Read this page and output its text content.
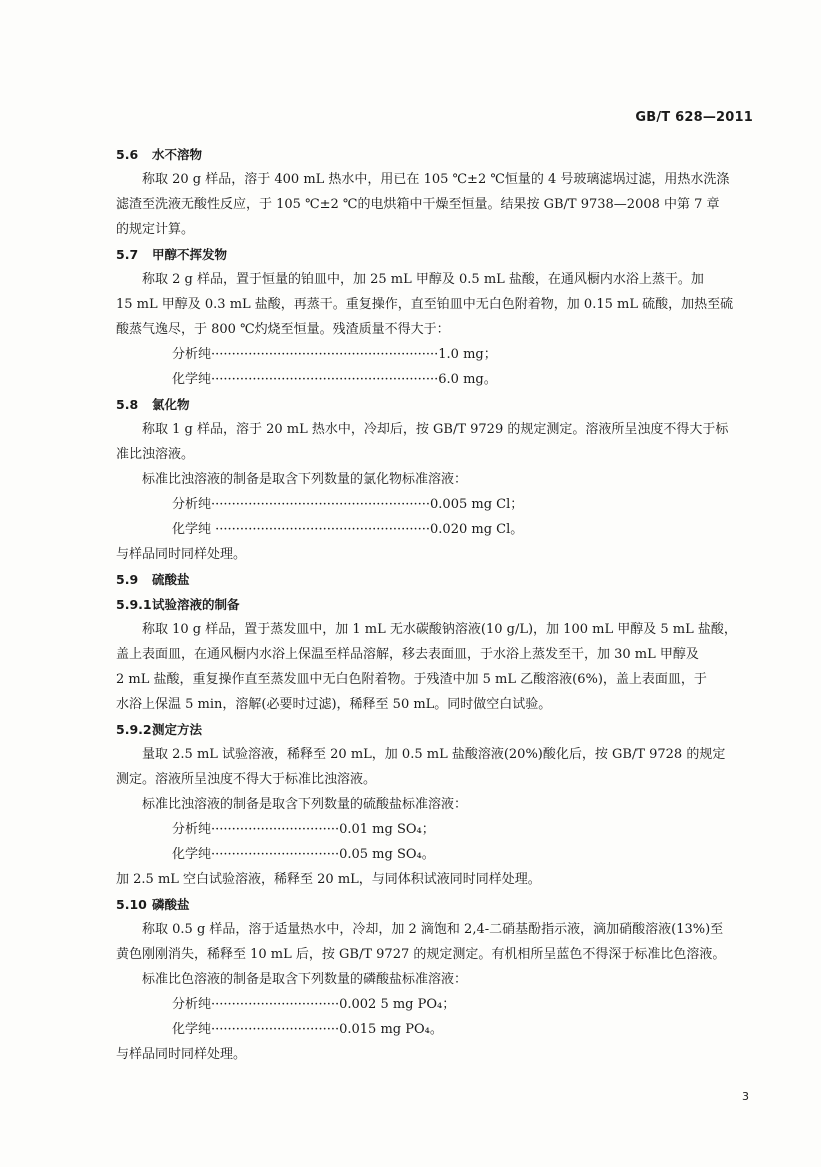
GB/T 628—2011
5.6 水不溶物
称取 20 g 样品，溶于 400 mL 热水中，用已在 105 ℃±2 ℃恒量的 4 号玻璃滤埚过滤，用热水洗涤
滤渣至洗液无酸性反应，于 105 ℃±2 ℃的电烘箱中干燥至恒量。结果按 GB/T 9738—2008 中第 7 章
的规定计算。
5.7 甲醇不挥发物
称取 2 g 样品，置于恒量的铂皿中，加 25 mL 甲醇及 0.5 mL 盐酸，在通风橱内水浴上蒸干。加
15 mL 甲醇及 0.3 mL 盐酸，再蒸干。重复操作，直至铂皿中无白色附着物，加 0.15 mL 硫酸，加热至硫
酸蒸气逸尽，于 800 ℃灼烧至恒量。残渣质量不得大于：
分析纯·······················································1.0 mg；
化学纯·······················································6.0 mg。
5.8 氯化物
称取 1 g 样品，溶于 20 mL 热水中，冷却后，按 GB/T 9729 的规定测定。溶液所呈浊度不得大于标
准比浊溶液。
标准比浊溶液的制备是取含下列数量的氯化物标准溶液：
分析纯·····················································0.005 mg Cl；
化学纯 ····················································0.020 mg Cl。
与样品同时同样处理。
5.9 硫酸盐
5.9.1试验溶液的制备
称取 10 g 样品，置于蒸发皿中，加 1 mL 无水碳酸钠溶液(10 g/L)，加 100 mL 甲醇及 5 mL 盐酸，
盖上表面皿，在通风橱内水浴上保温至样品溶解，移去表面皿，于水浴上蒸发至干，加 30 mL 甲醇及
2 mL 盐酸，重复操作直至蒸发皿中无白色附着物。于残渣中加 5 mL 乙酸溶液(6%)，盖上表面皿，于
水浴上保温 5 min，溶解(必要时过滤)，稀释至 50 mL。同时做空白试验。
5.9.2测定方法
量取 2.5 mL 试验溶液，稀释至 20 mL，加 0.5 mL 盐酸溶液(20%)酸化后，按 GB/T 9728 的规定
测定。溶液所呈浊度不得大于标准比浊溶液。
标准比浊溶液的制备是取含下列数量的硫酸盐标准溶液：
分析纯·······························0.01 mg SO₄；
化学纯·······························0.05 mg SO₄。
加 2.5 mL 空白试验溶液，稀释至 20 mL，与同体积试液同时同样处理。
5.10 磷酸盐
称取 0.5 g 样品，溶于适量热水中，冷却，加 2 滴饱和 2,4-二硝基酚指示液，滴加硝酸溶液(13%)至
黄色刚刚消失，稀释至 10 mL 后，按 GB/T 9727 的规定测定。有机相所呈蓝色不得深于标准比色溶液。
标准比色溶液的制备是取含下列数量的磷酸盐标准溶液：
分析纯·······························0.002 5 mg PO₄；
化学纯·······························0.015 mg PO₄。
与样品同时同样处理。
3
